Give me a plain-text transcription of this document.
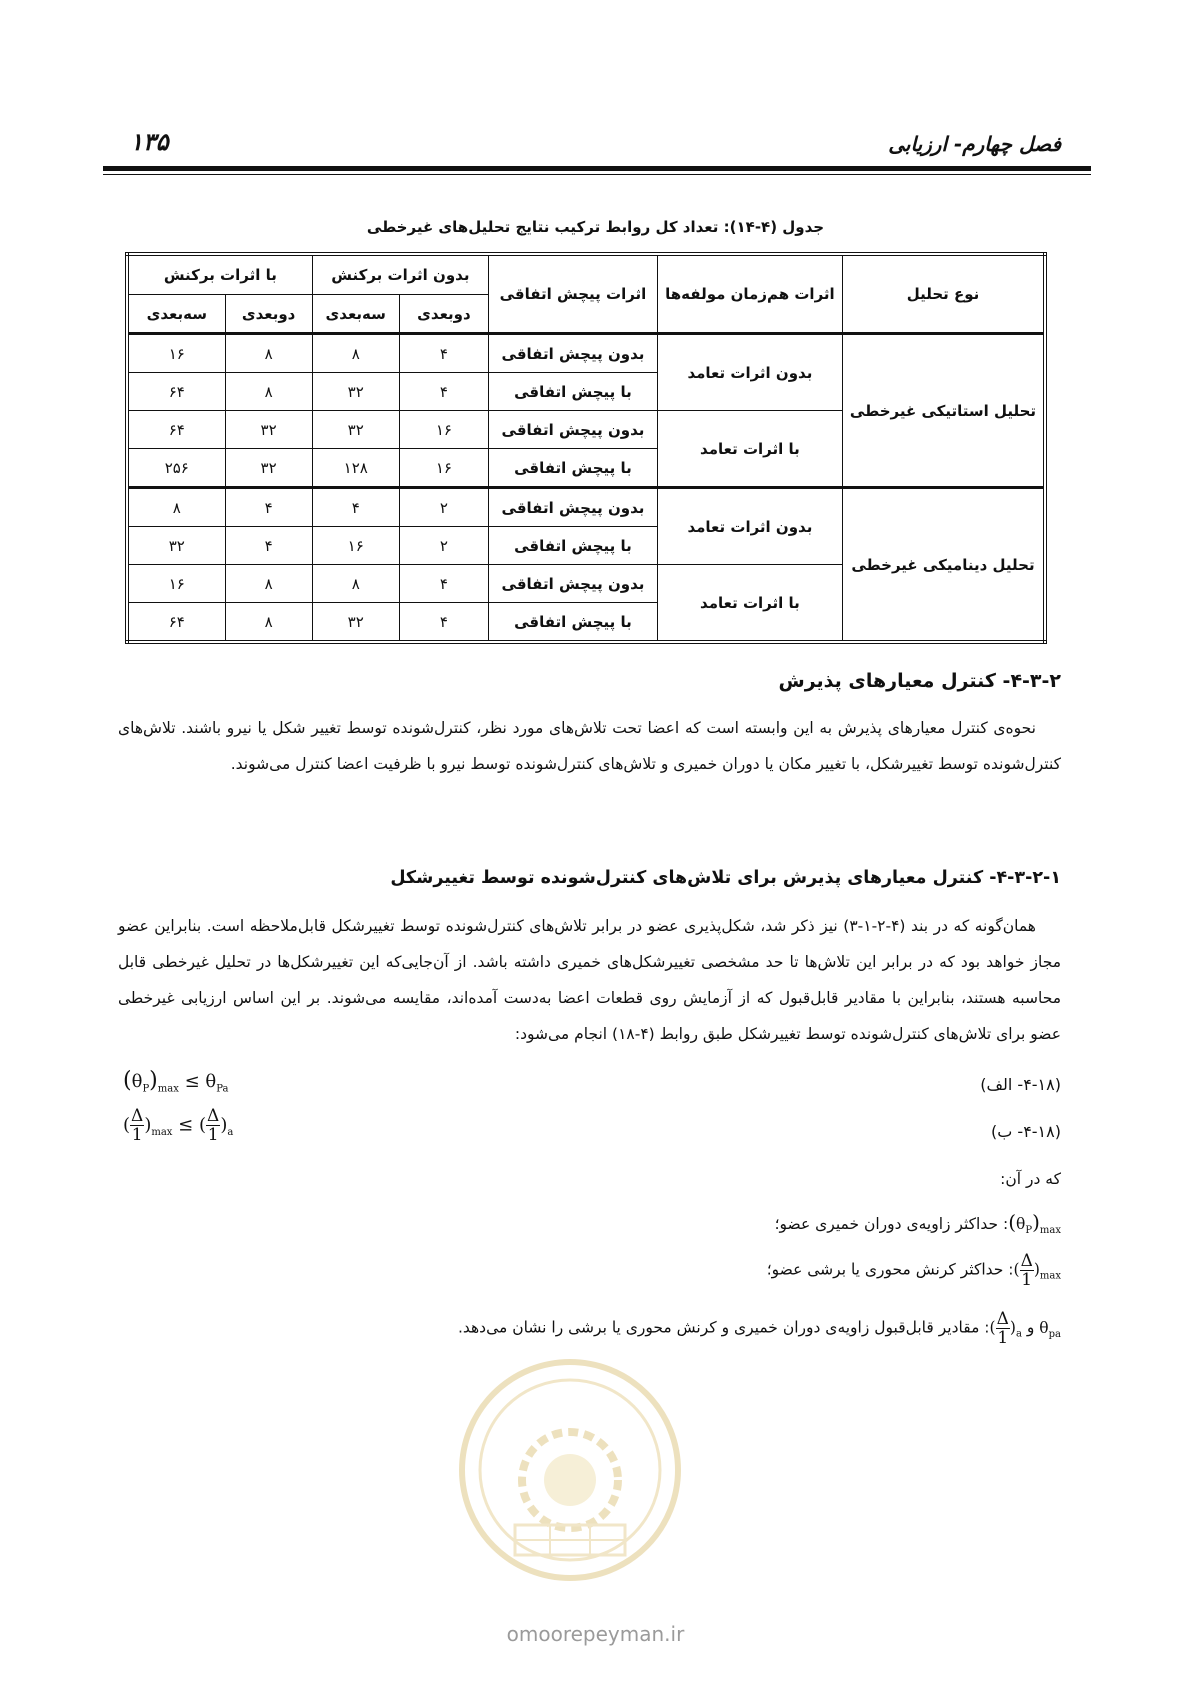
فصل چهارم- ارزیابی
۱۳۵
جدول (۴-۱۴): تعداد کل روابط ترکیب نتایج تحلیل‌های غیرخطی
نوع تحلیل	اثرات هم‌زمان مولفه‌ها	اثرات پیچش اتفاقی	بدون اثرات برکنش		با اثرات برکنش	
			دوبعدی	سه‌بعدی	دوبعدی	سه‌بعدی
تحلیل استاتیکی غیرخطی	بدون اثرات تعامد	بدون پیچش اتفاقی	۴	۸	۸	۱۶
		با پیچش اتفاقی	۴	۳۲	۸	۶۴
	با اثرات تعامد	بدون پیچش اتفاقی	۱۶	۳۲	۳۲	۶۴
		با پیچش اتفاقی	۱۶	۱۲۸	۳۲	۲۵۶
تحلیل دینامیکی غیرخطی	بدون اثرات تعامد	بدون پیچش اتفاقی	۲	۴	۴	۸
		با پیچش اتفاقی	۲	۱۶	۴	۳۲
	با اثرات تعامد	بدون پیچش اتفاقی	۴	۸	۸	۱۶
		با پیچش اتفاقی	۴	۳۲	۸	۶۴
۴-۳-۲- کنترل معیارهای پذیرش

نحوه‌ی کنترل معیارهای پذیرش به این وابسته است که اعضا تحت تلاش‌های مورد نظر، کنترل‌شونده توسط تغییر شکل یا نیرو باشند. تلاش‌های کنترل‌شونده توسط تغییرشکل، با تغییر مکان یا دوران خمیری و تلاش‌های کنترل‌شونده توسط نیرو با ظرفیت اعضا کنترل می‌شوند.

۴-۳-۲-۱- کنترل معیارهای پذیرش برای تلاش‌های کنترل‌شونده توسط تغییرشکل

همان‌گونه که در بند (۴-۲-۱-۳) نیز ذکر شد، شکل‌پذیری عضو در برابر تلاش‌های کنترل‌شونده توسط تغییرشکل قابل‌ملاحظه است. بنابراین عضو مجاز خواهد بود که در برابر این تلاش‌ها تا حد مشخصی تغییرشکل‌های خمیری داشته باشد. از آن‌جایی‌که این تغییرشکل‌ها در تحلیل غیرخطی قابل محاسبه هستند، بنابراین با مقادیر قابل‌قبول که از آزمایش روی قطعات اعضا به‌دست آمده‌اند، مقایسه می‌شوند. بر این اساس ارزیابی غیرخطی عضو برای تلاش‌های کنترل‌شونده توسط تغییرشکل طبق روابط (۴-۱۸) انجام می‌شود:

(۴-۱۸- الف)
$(\theta_P)_{max} \le \theta_{Pa}$
(۴-۱۸- ب)
( $\frac{\Delta}{1} )_{max}$ ≤ ( $\frac{\Delta}{1} )_a$
که در آن:
$(\theta_P)_{max}$: حداکثر زاویه‌ی دوران خمیری عضو؛
( $\frac{\Delta}{1} )_{max}$: حداکثر کرنش محوری یا برشی عضو؛
$\theta_{pa}$ و ( $\frac{\Delta}{1} )_a$: مقادیر قابل‌قبول زاویه‌ی دوران خمیری و کرنش محوری یا برشی را نشان می‌دهد.
omoorepeyman.ir
